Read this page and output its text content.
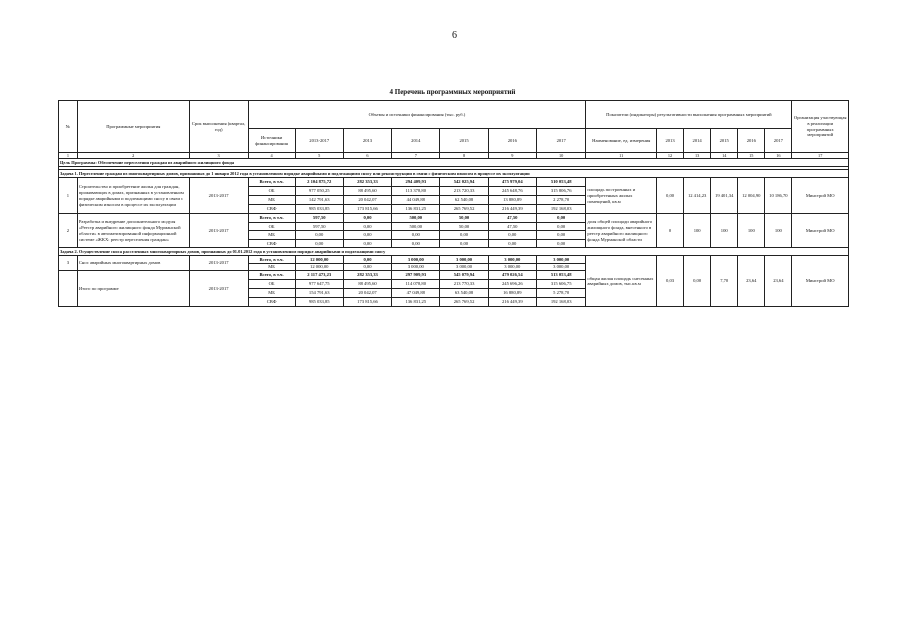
6
4 Перечень программных мероприятий
№	Программные мероприятия	Срок выполнения (квартал, год)	Объемы и источники финансирования (тыс. руб.)							Показатели (индикаторы) результативности выполнения программных мероприятий						Организация участвующая в реализации программных мероприятий
			Источники финансирования	2013-2017	2013	2014	2015	2016	2017	Наименование, ед. измерения	2013	2014	2015	2016	2017	
1	2	3	4	5	6	7	8	9	10	11	12	13	14	15	16	17
Цель Программы: Обеспечение переселения граждан из аварийного жилищного фонда																

Задача 1. Переселение граждан из многоквартирных домов, признанных до 1 января 2012 года в установленном порядке аварийными и подлежащими сносу или реконструкции в связи с физическим износом в процессе их эксплуатации																
1	Строительство и приобретение жилья для граждан, проживающих в домах, признанных в установленном порядке аварийными и подлежащими сносу в связи с физическим износом в процессе их эксплуатации	2013-2017	Всего, в т.ч.	2 104 875,72	282 353,33	294 409,93	542 025,94	475 979,04	510 053,48	площадь построенных и приобретенных жилых помещений, кв.м	0,00	12 414,23	19 401,34	12 004,90	10 186,70	Минстрой МО
			ОБ	977 050,25	88 495,60	113 378,80	213 720,33	245 648,76	315 806,76							
			МБ	142 791,63	20 042,07	44 049,88	62 540,08	13 880,89	2 278,70							
			СВФ	985 033,85	173 815,66	136 831,25	265 769,52	216 449,39	192 168,03							
2	Разработка и внедрение дополнительного модуля «Реестр аварийного жилищного фонда Мурманской области» в автоматизированной информационной системе «ЖКХ: реестр переселения граждан»	2013-2017	Всего, в т.ч.	597,50	0,00	500,00	50,00	47,50	0,00	доля общей площади аварийного жилищного фонда, внесенного в реестр аварийного жилищного фонда Мурманской области	0	100	100	100	100	Минстрой МО
			ОБ	597,50	0,00	500,00	50,00	47,50	0,00							
			МБ	0,00	0,00	0,00	0,00	0,00	0,00							
			СВФ	0,00	0,00	0,00	0,00	0,00	0,00							
Задача 2. Осуществление сноса расселенных многоквартирных домов, признанных до 01.01.2012 года в установленном порядке аварийными и подлежащими сносу																
3	Снос аварийных многоквартирных домов	2013-2017	Всего, в т.ч.	12 000,00	0,00	3 000,00	3 000,00	3 000,00	3 000,00	общая жилая площадь снесенных аварийных домов, тыс.кв.м	0,03	0,00	7,70	23,64	23,64	Минстрой МО
			МБ	12 000,00	0,00	3 000,00	3 000,00	3 000,00	3 000,00							
	Итого по программе	2013-2017	Всего, в т.ч.	2 117 473,23	282 353,33	297 909,93	545 079,94	479 026,54	513 053,48							
			ОБ	977 647,75	88 495,60	114 078,80	213 770,33	245 696,26	315 606,75							
			МБ	154 791,63	20 042,07	47 049,88	63 540,08	16 880,89	5 278,70							
			СВФ	985 033,85	173 815,66	136 831,25	265 769,52	216 449,39	192 168,03							
